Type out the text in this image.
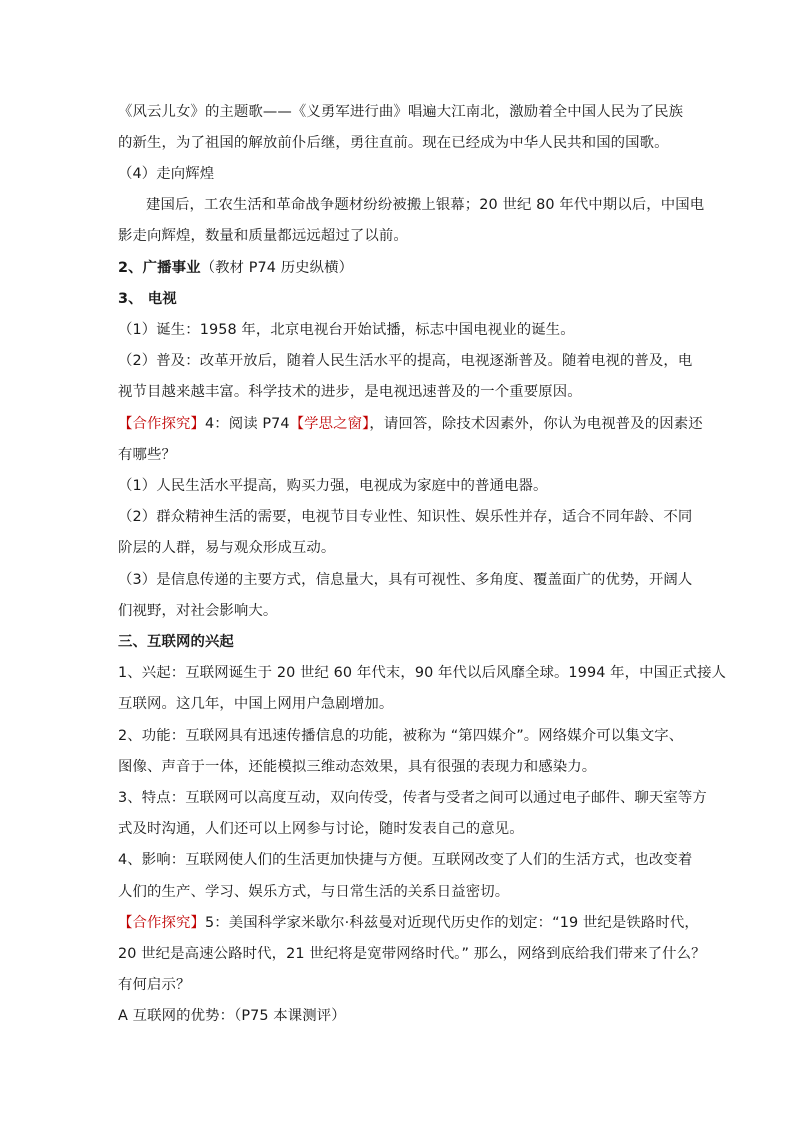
《风云儿女》的主题歌——《义勇军进行曲》唱遍大江南北，激励着全中国人民为了民族
的新生，为了祖国的解放前仆后继，勇往直前。现在已经成为中华人民共和国的国歌。
（4）走向辉煌
建国后，工农生活和革命战争题材纷纷被搬上银幕；20 世纪 80 年代中期以后，中国电
影走向辉煌，数量和质量都远远超过了以前。
2、广播事业（教材 P74 历史纵横）
3、 电视
（1）诞生：1958 年，北京电视台开始试播，标志中国电视业的诞生。
（2）普及：改革开放后，随着人民生活水平的提高，电视逐渐普及。随着电视的普及，电
视节目越来越丰富。科学技术的进步，是电视迅速普及的一个重要原因。
【合作探究】4：阅读 P74【学思之窗】，请回答，除技术因素外，你认为电视普及的因素还
有哪些？
（1）人民生活水平提高，购买力强，电视成为家庭中的普通电器。
（2）群众精神生活的需要，电视节目专业性、知识性、娱乐性并存，适合不同年龄、不同
阶层的人群，易与观众形成互动。
（3）是信息传递的主要方式，信息量大，具有可视性、多角度、覆盖面广的优势，开阔人
们视野，对社会影响大。
三、互联网的兴起
1、兴起：互联网诞生于 20 世纪 60 年代末，90 年代以后风靡全球。1994 年，中国正式接人
互联网。这几年，中国上网用户急剧增加。
2、功能：互联网具有迅速传播信息的功能，被称为 “第四媒介”。网络媒介可以集文字、
图像、声音于一体，还能模拟三维动态效果，具有很强的表现力和感染力。
3、特点：互联网可以高度互动，双向传受，传者与受者之间可以通过电子邮件、聊天室等方
式及时沟通，人们还可以上网参与讨论，随时发表自己的意见。
4、影响：互联网使人们的生活更加快捷与方便。互联网改变了人们的生活方式，也改变着
人们的生产、学习、娱乐方式，与日常生活的关系日益密切。
【合作探究】5：美国科学家米歇尔·科兹曼对近现代历史作的划定：“19 世纪是铁路时代，
20 世纪是高速公路时代，21 世纪将是宽带网络时代。” 那么，网络到底给我们带来了什么？
有何启示？
A 互联网的优势：（P75 本课测评）
